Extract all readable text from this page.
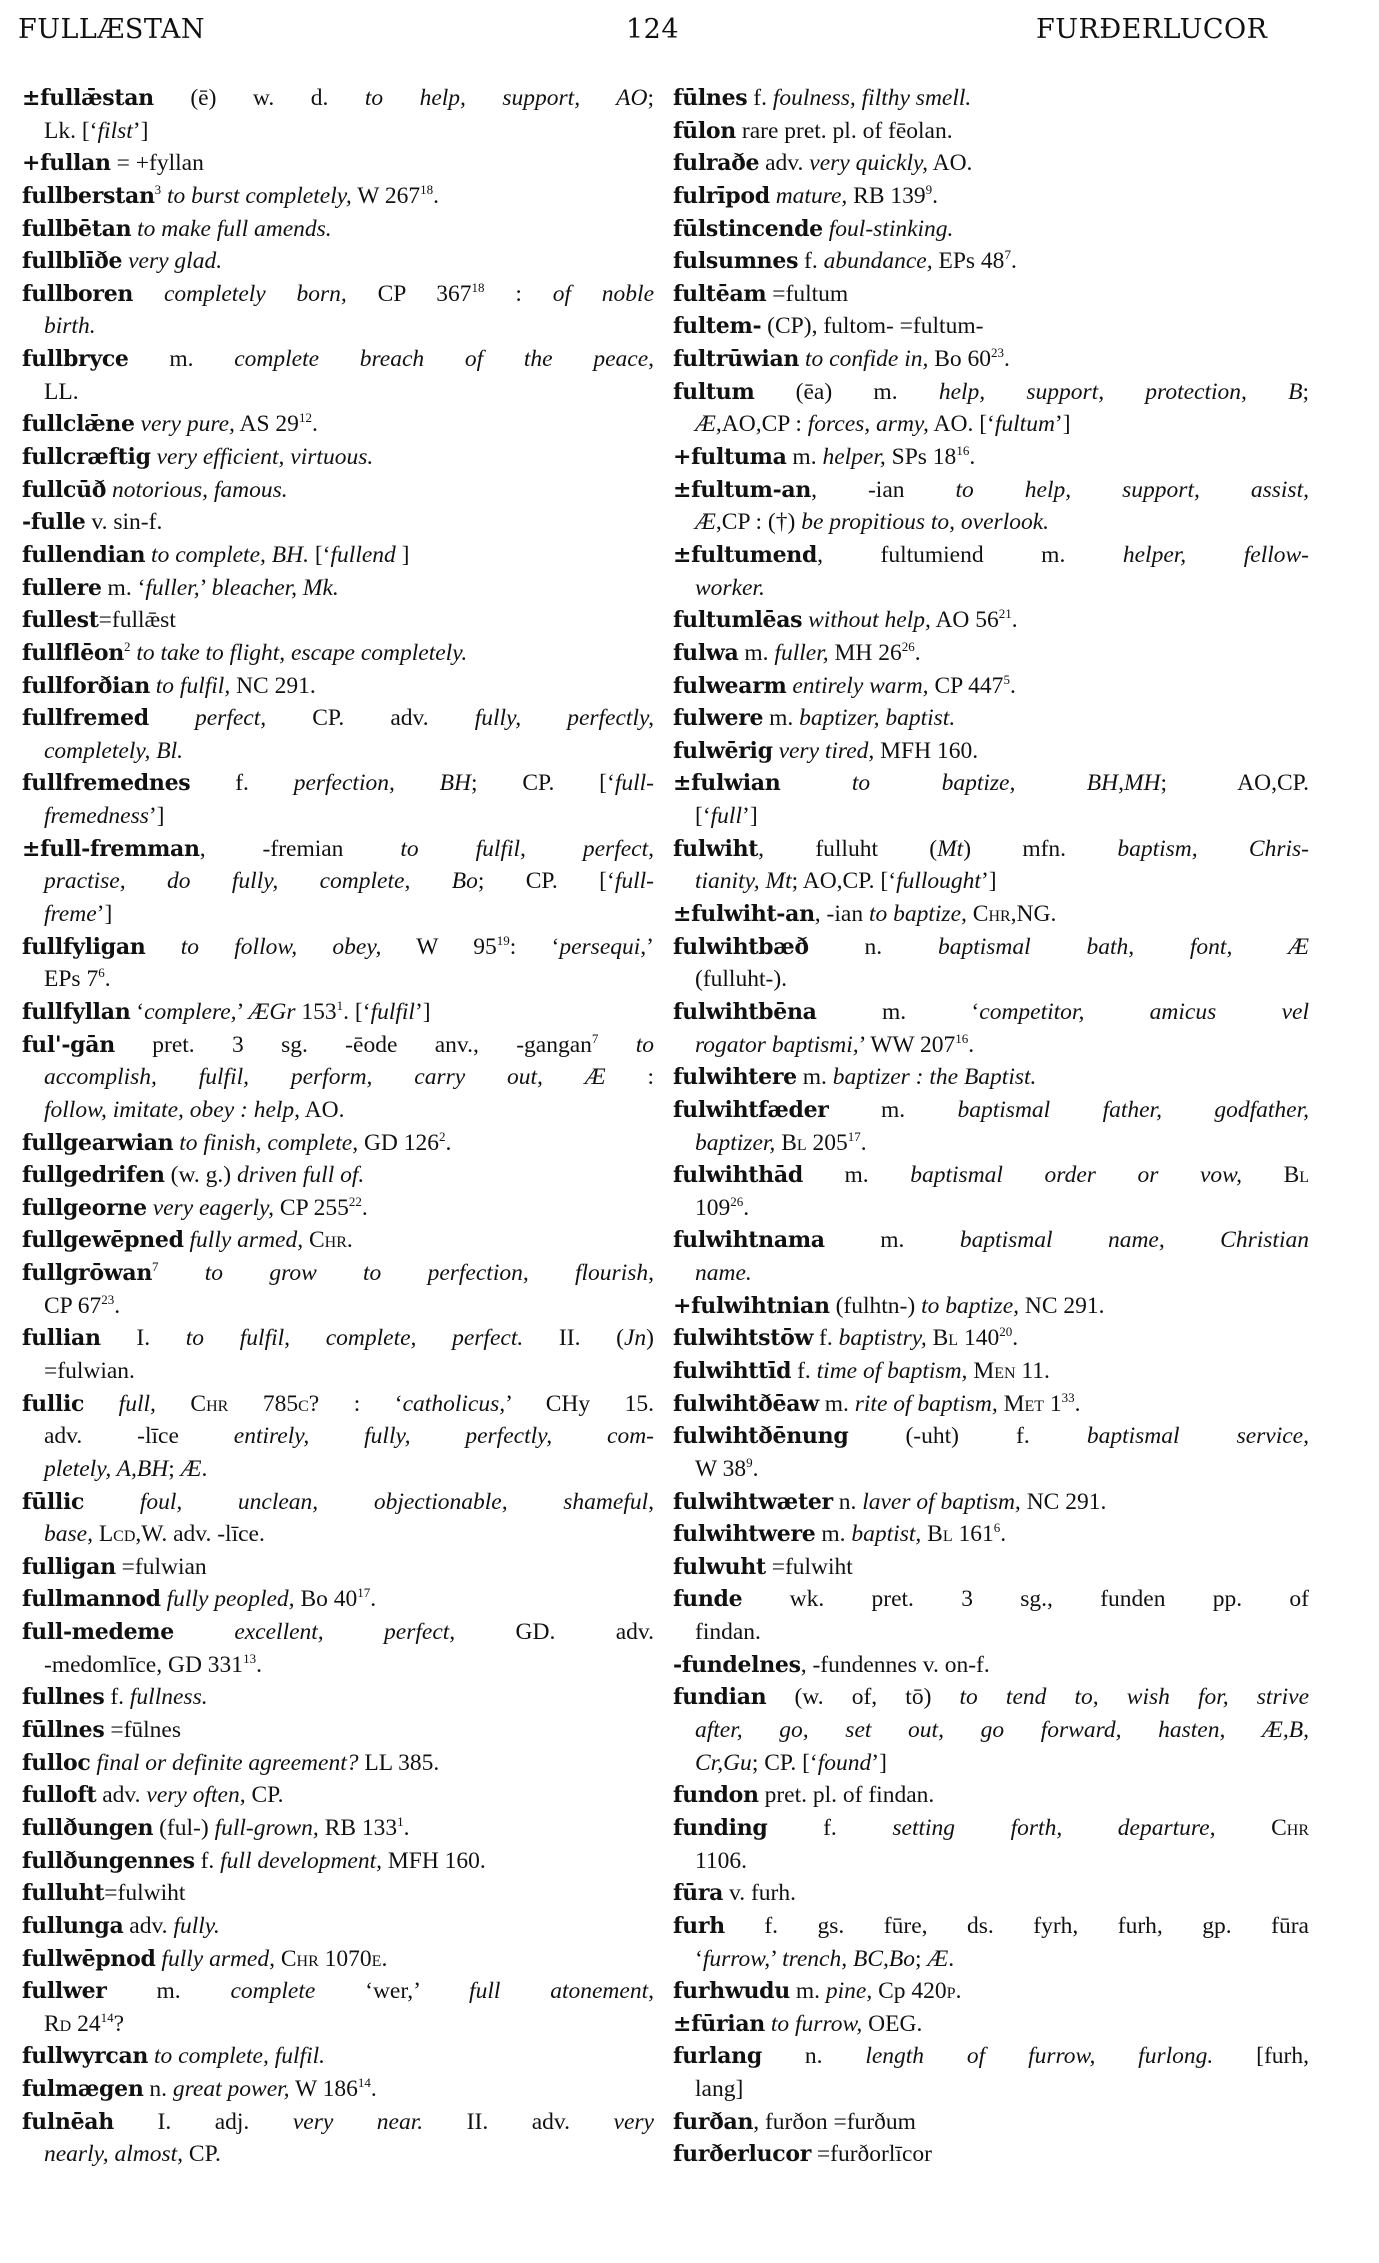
FULLÆSTAN	124	FURÐERLUCOR
±fullǣstan (ē) w. d. to help, support, AO;
Lk. [‘filst’]
+fullan = +fyllan
fullberstan$^3$ to burst completely, W $267^{18}$.
fullbētan to make full amends.
fullblīðe very glad.
fullboren completely born, CP $367^{18}$ : of noble
birth.
fullbryce m. complete breach of the peace,
LL.
fullclǣne very pure, AS $29^{12}$.
fullcræftig very efficient, virtuous.
fullcūð notorious, famous.
-fulle v. sin-f.
fullendian to complete, BH. [‘fullend ]
fullere m. ‘fuller,’ bleacher, Mk.
fullest=fullǣst
fullflēon$^2$ to take to flight, escape completely.
fullforðian to fulfil, NC 291.
fullfremed perfect, CP. adv. fully, perfectly,
completely, Bl.
fullfremednes f. perfection, BH; CP. [‘full-
fremedness’]
±full-fremman, -fremian to fulfil, perfect,
practise, do fully, complete, Bo; CP. [‘full-
freme’]
fullfyligan to follow, obey, W $95^{19}$: ‘persequi,’
EPs $7^6$.
fullfyllan ‘complere,’ ÆGr $153^1$. [‘fulfil’]
ful'-gān pret. 3 sg. -ēode anv., -gangan$^7$ to
accomplish, fulfil, perform, carry out, Æ :
follow, imitate, obey : help, AO.
fullgearwian to finish, complete, GD $126^2$.
fullgedrifen (w. g.) driven full of.
fullgeorne very eagerly, CP $255^{22}$.
fullgewēpned fully armed, Chr.
fullgrōwan$^7$ to grow to perfection, flourish,
CP $67^{23}$.
fullian I. to fulfil, complete, perfect. II. (Jn)
=fulwian.
fullic full, Chr 785c? : ‘catholicus,’ CHy 15.
adv. -līce entirely, fully, perfectly, com-
pletely, A,BH; Æ.
fūllic foul, unclean, objectionable, shameful,
base, Lcd,W. adv. -līce.
fulligan =fulwian
fullmannod fully peopled, Bo $40^{17}$.
full-medeme	excellent, perfect, GD. adv.
-medomlīce, GD $331^{13}$.
fullnes f. fullness.
fūllnes =fūlnes
fulloc final or definite agreement? LL 385.
fulloft adv. very often, CP.
fullðungen (ful-) full-grown, RB $133^1$.
fullðungennes f. full development, MFH 160.
fulluht=fulwiht
fullunga adv. fully.
fullwēpnod fully armed, Chr 1070e.
fullwer m. complete ‘wer,’ full atonement,
Rd $24^{14}$?
fullwyrcan to complete, fulfil.
fulmægen n. great power, W $186^{14}$.
fulnēah I. adj. very near. II. adv. very
nearly, almost, CP.
fūlnes f. foulness, filthy smell.
fūlon rare pret. pl. of fēolan.
fulraðe adv. very quickly, AO.
fulrīpod mature, RB $139^9$.
fūlstincende foul-stinking.
fulsumnes f. abundance, EPs $48^7$.
fultēam =fultum
fultem- (CP), fultom- =fultum-
fultrūwian to confide in, Bo $60^{23}$.
fultum (ēa) m. help, support, protection, B;
Æ,AO,CP : forces, army, AO. [‘fultum’]
+fultuma m. helper, SPs $18^{16}$.
±fultum-an, -ian to help, support, assist,
Æ,CP : (†) be propitious to, overlook.
±fultumend, fultumiend m. helper, fellow-
worker.
fultumlēas without help, AO $56^{21}$.
fulwa m. fuller, MH $26^{26}$.
fulwearm entirely warm, CP $447^5$.
fulwere m. baptizer, baptist.
fulwērig very tired, MFH 160.
±fulwian	to	baptize,	BH,MH; AO,CP.
[‘full’]
fulwiht, fulluht (Mt) mfn. baptism, Chris-
tianity, Mt; AO,CP. [‘fullought’]
±fulwiht-an, -ian to baptize, Chr,NG.
fulwihtbæð n. baptismal bath, font, Æ
(fulluht-).
fulwihtbēna m. ‘competitor, amicus vel
rogator baptismi,’ WW $207^{16}$.
fulwihtere m. baptizer : the Baptist.
fulwihtfæder m. baptismal father, godfather,
baptizer, Bl $205^{17}$.
fulwihthād m. baptismal order or vow, Bl
$109^{26}$.
fulwihtnama m. baptismal name, Christian
name.
+fulwihtnian (fulhtn-) to baptize, NC 291.
fulwihtstōw f. baptistry, Bl $140^{20}$.
fulwihttīd f. time of baptism, Men 11.
fulwihtðēaw m. rite of baptism, Met $1^{33}$.
fulwihtðēnung (-uht) f. baptismal service,
W $38^9$.
fulwihtwæter n. laver of baptism, NC 291.
fulwihtwere m. baptist, Bl $161^6$.
fulwuht =fulwiht
funde wk. pret. 3 sg., funden pp. of
findan.
-fundelnes, -fundennes v. on-f.
fundian (w. of, tō) to tend to, wish for, strive
after, go, set out, go forward, hasten, Æ,B,
Cr,Gu; CP. [‘found’]
fundon pret. pl. of findan.
funding f. setting forth, departure, Chr
1106.
fūra v. furh.
furh f. gs. fūre, ds. fyrh, furh, gp. fūra
‘furrow,’ trench, BC,Bo; Æ.
furhwudu m. pine, Cp 420p.
±fūrian to furrow, OEG.
furlang n. length of furrow, furlong. [furh,
lang]
furðan, furðon =furðum
furðerlucor =furðorlīcor
